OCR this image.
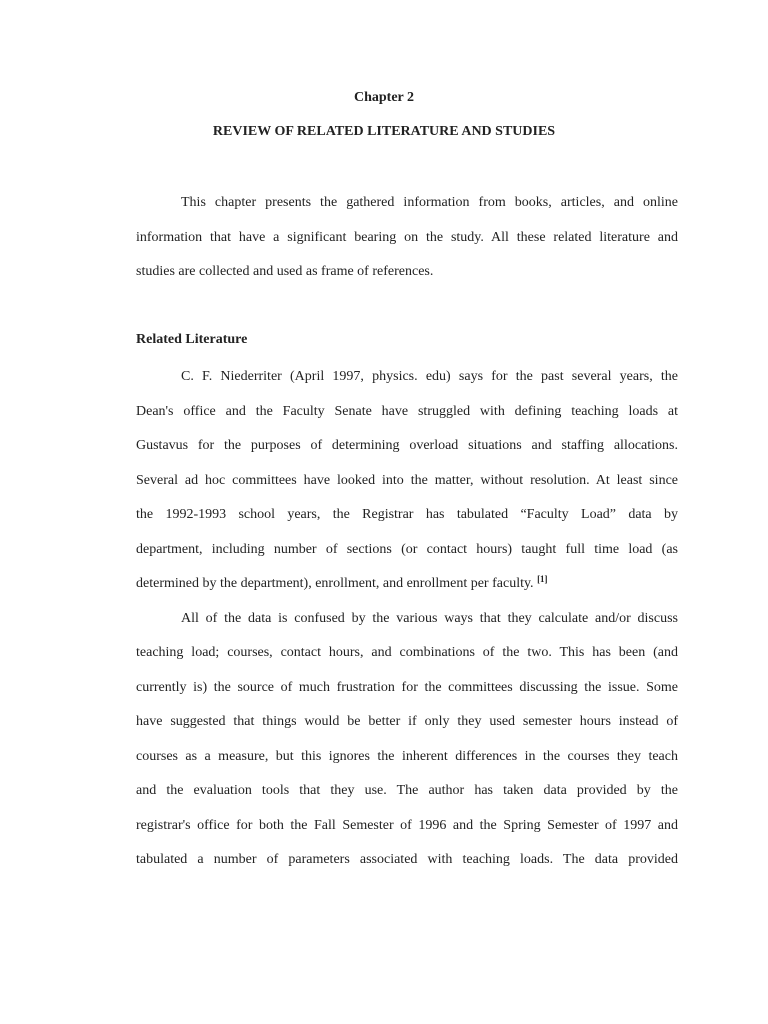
Chapter 2
REVIEW OF RELATED LITERATURE AND STUDIES
This chapter presents the gathered information from books, articles, and online
information that have a significant bearing on the study. All these related literature and
studies are collected and used as frame of references.
Related Literature
C. F. Niederriter (April 1997, physics. edu) says for the past several years, the
Dean's office and the Faculty Senate have struggled with defining teaching loads at
Gustavus for the purposes of determining overload situations and staffing allocations.
Several ad hoc committees have looked into the matter, without resolution. At least since
the 1992-1993 school years, the Registrar has tabulated “Faculty Load” data by
department, including number of sections (or contact hours) taught full time load (as
determined by the department), enrollment, and enrollment per faculty. [1]
All of the data is confused by the various ways that they calculate and/or discuss
teaching load; courses, contact hours, and combinations of the two. This has been (and
currently is) the source of much frustration for the committees discussing the issue. Some
have suggested that things would be better if only they used semester hours instead of
courses as a measure, but this ignores the inherent differences in the courses they teach
and the evaluation tools that they use. The author has taken data provided by the
registrar's office for both the Fall Semester of 1996 and the Spring Semester of 1997 and
tabulated a number of parameters associated with teaching loads. The data provided
